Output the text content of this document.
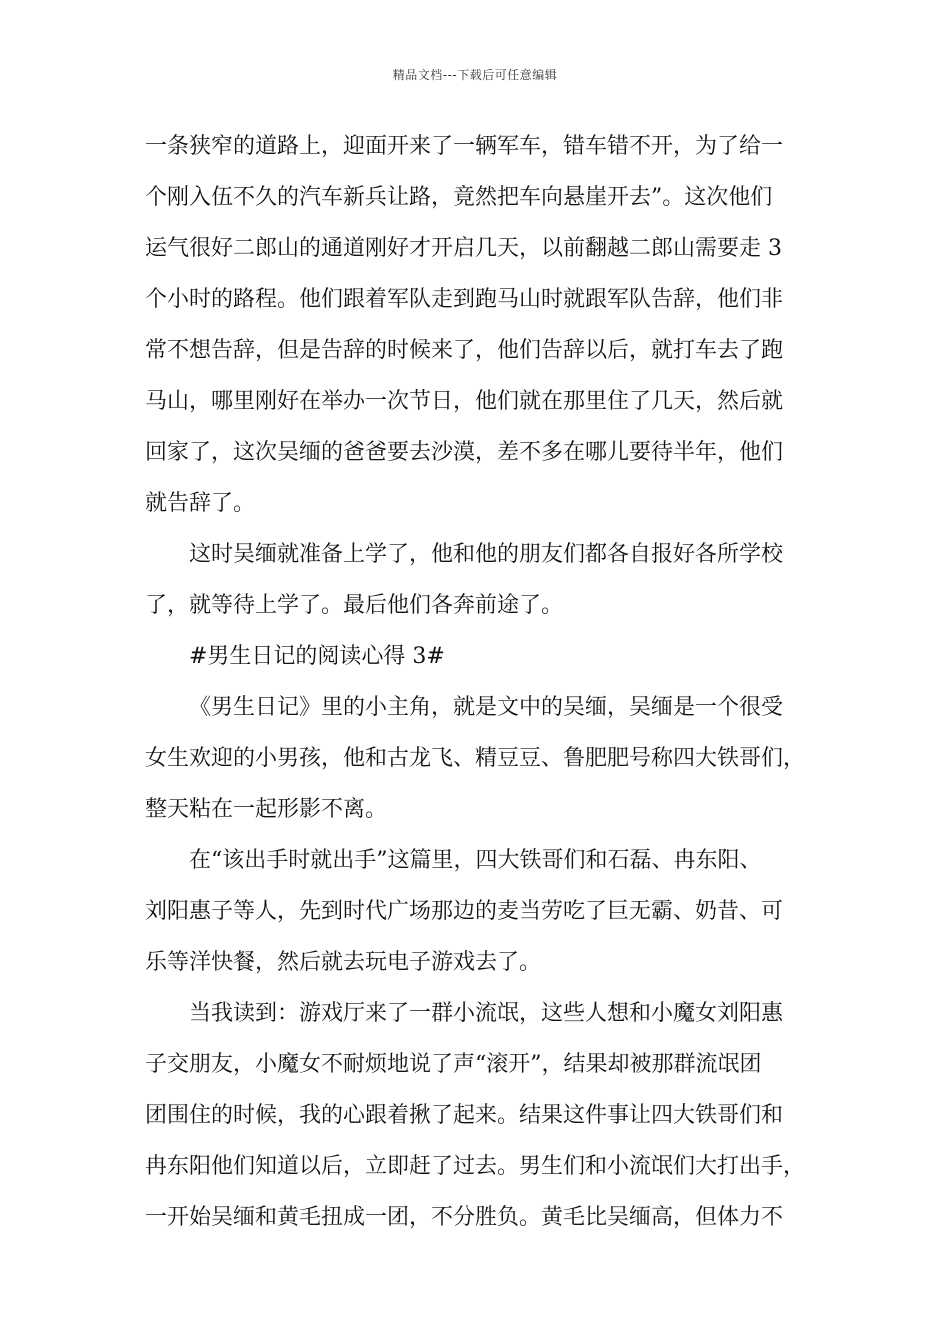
精品文档---下载后可任意编辑
一条狭窄的道路上，迎面开来了一辆军车，错车错不开，为了给一
个刚入伍不久的汽车新兵让路，竟然把车向悬崖开去”。这次他们
运气很好二郎山的通道刚好才开启几天，以前翻越二郎山需要走 3
个小时的路程。他们跟着军队走到跑马山时就跟军队告辞，他们非
常不想告辞，但是告辞的时候来了，他们告辞以后，就打车去了跑
马山，哪里刚好在举办一次节日，他们就在那里住了几天，然后就
回家了，这次吴缅的爸爸要去沙漠，差不多在哪儿要待半年，他们
就告辞了。
这时吴缅就准备上学了，他和他的朋友们都各自报好各所学校
了，就等待上学了。最后他们各奔前途了。
#男生日记的阅读心得 3#
《男生日记》里的小主角，就是文中的吴缅，吴缅是一个很受
女生欢迎的小男孩，他和古龙飞、精豆豆、鲁肥肥号称四大铁哥们，
整天粘在一起形影不离。
在“该出手时就出手”这篇里，四大铁哥们和石磊、冉东阳、
刘阳惠子等人，先到时代广场那边的麦当劳吃了巨无霸、奶昔、可
乐等洋快餐，然后就去玩电子游戏去了。
当我读到：游戏厅来了一群小流氓，这些人想和小魔女刘阳惠
子交朋友，小魔女不耐烦地说了声“滚开”，结果却被那群流氓团
团围住的时候，我的心跟着揪了起来。结果这件事让四大铁哥们和
冉东阳他们知道以后，立即赶了过去。男生们和小流氓们大打出手，
一开始吴缅和黄毛扭成一团，不分胜负。黄毛比吴缅高，但体力不
